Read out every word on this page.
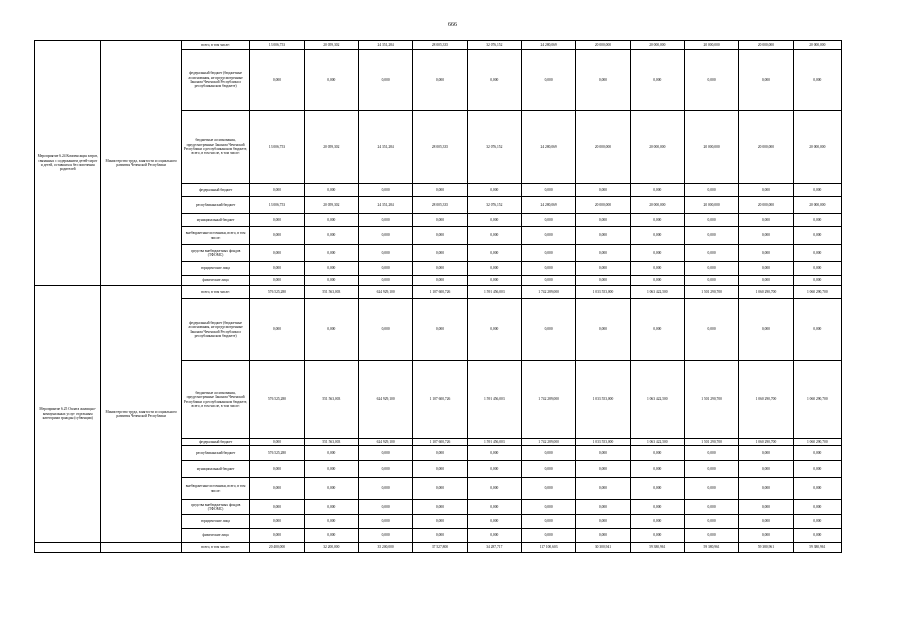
666
Мероприятие 6.24 Компенсация затрат, связанных с содержанием детей-сирот и детей, оставшихся без попечения родителей	Министерство труда, занятости и социального развития Чеченской Республики	всего, в том числе:	13 006,753	20 059,302	24 351,284	28 005,335	32 076,152	24 280,069	20 000,000	20 000,000	20 000,000	20 000,000	20 000,000
		федеральный бюджет (бюджетные ассигнования, не предусмотренные Законом Чеченской Республики о республиканском бюджете)	0,000	0,000	0,000	0,000	0,000	0,000	0,000	0,000	0,000	0,000	0,000
		бюджетные ассигнования, предусмотренные Законом Чеченской Республики о республиканском бюджете, всего, в том числе, в том числе:	13 006,753	20 059,302	24 351,284	28 005,335	32 076,152	24 280,069	20 000,000	20 000,000	20 000,000	20 000,000	20 000,000
		федеральный бюджет	0,000	0,000	0,000	0,000	0,000	0,000	0,000	0,000	0,000	0,000	0,000
		республиканский бюджет	13 006,753	20 059,302	24 351,284	28 005,335	32 076,152	24 280,069	20 000,000	20 000,000	20 000,000	20 000,000	20 000,000
		муниципальный бюджет	0,000	0,000	0,000	0,000	0,000	0,000	0,000	0,000	0,000	0,000	0,000
		внебюджетные источники, всего, в том числе:	0,000	0,000	0,000	0,000	0,000	0,000	0,000	0,000	0,000	0,000	0,000
		средства внебюджетных фондов (ТФОМС)	0,000	0,000	0,000	0,000	0,000	0,000	0,000	0,000	0,000	0,000	0,000
		юридические лица	0,000	0,000	0,000	0,000	0,000	0,000	0,000	0,000	0,000	0,000	0,000
		физические лица	0,000	0,000	0,000	0,000	0,000	0,000	0,000	0,000	0,000	0,000	0,000
Мероприятие 6.25 Оплата жилищно-коммунальных услуг отдельным категориям граждан (субвенции)	Министерство труда, занятости и социального развития Чеченской Республики	всего, в том числе:	576 525,280	551 563,003	624 929,100	1 107 600,726	1 591 456,003	1 742 289,000	1 033 553,000	1 063 422,500	1 501 290,700	1 060 290,700	1 060 290,700
		федеральный бюджет (бюджетные ассигнования, не предусмотренные Законом Чеченской Республики о республиканском бюджете)	0,000	0,000	0,000	0,000	0,000	0,000	0,000	0,000	0,000	0,000	0,000
		бюджетные ассигнования, предусмотренные Законом Чеченской Республики о республиканском бюджете, всего, в том числе, в том числе:	576 525,280	551 563,003	624 929,100	1 107 600,726	1 591 456,003	1 742 289,000	1 033 553,000	1 063 422,500	1 501 290,700	1 060 290,700	1 060 290,700
		федеральный бюджет	0,000	551 563,003	624 929,100	1 107 600,726	1 591 456,003	1 742 289,000	1 033 553,000	1 063 422,500	1 501 290,700	1 060 290,700	1 060 290,700
		республиканский бюджет	576 525,280	0,000	0,000	0,000	0,000	0,000	0,000	0,000	0,000	0,000	0,000
		муниципальный бюджет	0,000	0,000	0,000	0,000	0,000	0,000	0,000	0,000	0,000	0,000	0,000
		внебюджетные источники, всего, в том числе:	0,000	0,000	0,000	0,000	0,000	0,000	0,000	0,000	0,000	0,000	0,000
		средства внебюджетных фондов (ТФОМС)	0,000	0,000	0,000	0,000	0,000	0,000	0,000	0,000	0,000	0,000	0,000
		юридические лица	0,000	0,000	0,000	0,000	0,000	0,000	0,000	0,000	0,000	0,000	0,000
		физические лица	0,000	0,000	0,000	0,000	0,000	0,000	0,000	0,000	0,000	0,000	0,000
		всего, в том числе:	20 400,000	32 200,000	35 200,000	37 527,800	34 287,717	117 100,603	30 300,941	59 380,961	59 380,961	59 380,961	59 380,961
